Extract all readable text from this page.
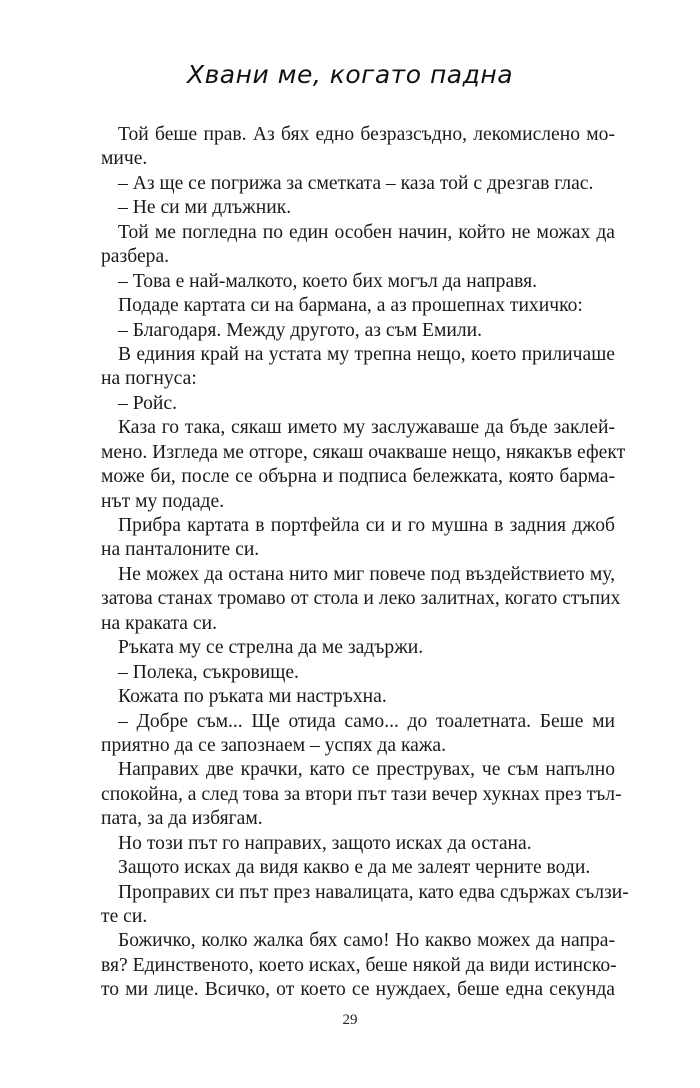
Хвани ме, когато падна
Той беше прав. Аз бях едно безразсъдно, лекомислено мо-
миче.
– Аз ще се погрижа за сметката – каза той с дрезгав глас.
– Не си ми длъжник.
Той ме погледна по един особен начин, който не можах да
разбера.
– Това е най-малкото, което бих могъл да направя.
Подаде картата си на бармана, а аз прошепнах тихичко:
– Благодаря. Между другото, аз съм Емили.
В единия край на устата му трепна нещо, което приличаше
на погнуса:
– Ройс.
Каза го така, сякаш името му заслужаваше да бъде заклей-
мено. Изгледа ме отгоре, сякаш очакваше нещо, някакъв ефект
може би, после се обърна и подписа бележката, която барма-
нът му подаде.
Прибра картата в портфейла си и го мушна в задния джоб
на панталоните си.
Не можех да остана нито миг повече под въздействието му,
затова станах тромаво от стола и леко залитнах, когато стъпих
на краката си.
Ръката му се стрелна да ме задържи.
– Полека, съкровище.
Кожата по ръката ми настръхна.
– Добре съм... Ще отида само... до тоалетната. Беше ми
приятно да се запознаем – успях да кажа.
Направих две крачки, като се преструвах, че съм напълно
спокойна, а след това за втори път тази вечер хукнах през тъл-
пата, за да избягам.
Но този път го направих, защото исках да остана.
Защото исках да видя какво е да ме залеят черните води.
Проправих си път през навалицата, като едва сдържах сълзи-
те си.
Божичко, колко жалка бях само! Но какво можех да напра-
вя? Единственото, което исках, беше някой да види истинско-
то ми лице. Всичко, от което се нуждаех, беше една секунда
29
